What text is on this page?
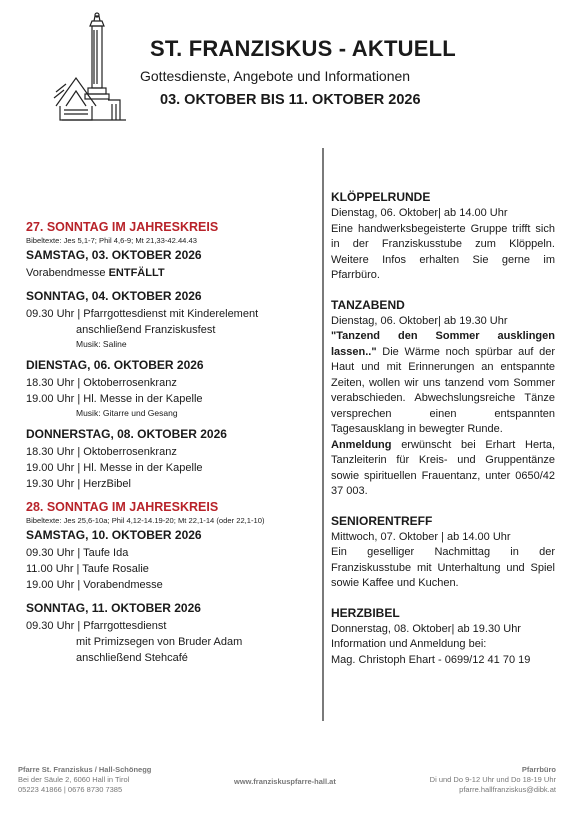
ST. FRANZISKUS - AKTUELL
Gottesdienste, Angebote und Informationen
03. OKTOBER BIS 11. OKTOBER 2026

27. SONNTAG IM JAHRESKREIS

Bibeltexte: Jes 5,1-7; Phil 4,6-9; Mt 21,33-42.44.43

SAMSTAG, 03. OKTOBER 2026

Vorabendmesse ENTFÄLLT

SONNTAG, 04. OKTOBER 2026

09.30 Uhr | Pfarrgottesdienst mit Kinderelement
anschließend Franziskusfest
Musik: Saline

DIENSTAG, 06. OKTOBER 2026

18.30 Uhr | Oktoberrosenkranz
19.00 Uhr | Hl. Messe in der Kapelle
Musik: Gitarre und Gesang

DONNERSTAG, 08. OKTOBER 2026

18.30 Uhr | Oktoberrosenkranz
19.00 Uhr | Hl. Messe in der Kapelle
19.30 Uhr | HerzBibel

28. SONNTAG IM JAHRESKREIS

Bibeltexte: Jes 25,6-10a; Phil 4,12-14.19-20; Mt 22,1-14 (oder 22,1-10)

SAMSTAG, 10. OKTOBER 2026

09.30 Uhr | Taufe Ida
11.00 Uhr | Taufe Rosalie
19.00 Uhr | Vorabendmesse

SONNTAG, 11. OKTOBER 2026

09.30 Uhr | Pfarrgottesdienst
mit Primizsegen von Bruder Adam
anschließend Stehcafé

KLÖPPELRUNDE

Dienstag, 06. Oktober| ab 14.00 Uhr
Eine handwerksbegeisterte Gruppe trifft sich in der Franziskusstube zum Klöppeln. Weitere Infos erhalten Sie gerne im Pfarrbüro.

TANZABEND

Dienstag, 06. Oktober| ab 19.30 Uhr
"Tanzend den Sommer ausklingen lassen.." Die Wärme noch spürbar auf der Haut und mit Erinnerungen an entspannte Zeiten, wollen wir uns tanzend vom Sommer verabschieden. Abwechslungsreiche Tänze versprechen einen entspannten Tagesausklang in bewegter Runde.
Anmeldung erwünscht bei Erhart Herta, Tanzleiterin für Kreis- und Gruppentänze sowie spirituellen Frauentanz, unter 0650/42 37 003.

SENIORENTREFF

Mittwoch, 07. Oktober | ab 14.00 Uhr
Ein geselliger Nachmittag in der Franziskusstube mit Unterhaltung und Spiel sowie Kaffee und Kuchen.

HERZBIBEL

Donnerstag, 08. Oktober| ab 19.30 Uhr
Information und Anmeldung bei:
Mag. Christoph Ehart - 0699/12 41 70 19
Pfarre St. Franziskus / Hall-Schönegg
Bei der Säule 2, 6060 Hall in Tirol
05223 41866 | 0676 8730 7385
www.franziskuspfarre-hall.at
Pfarrbüro
Di und Do 9-12 Uhr und Do 18-19 Uhr
pfarre.hallfranziskus@dibk.at
